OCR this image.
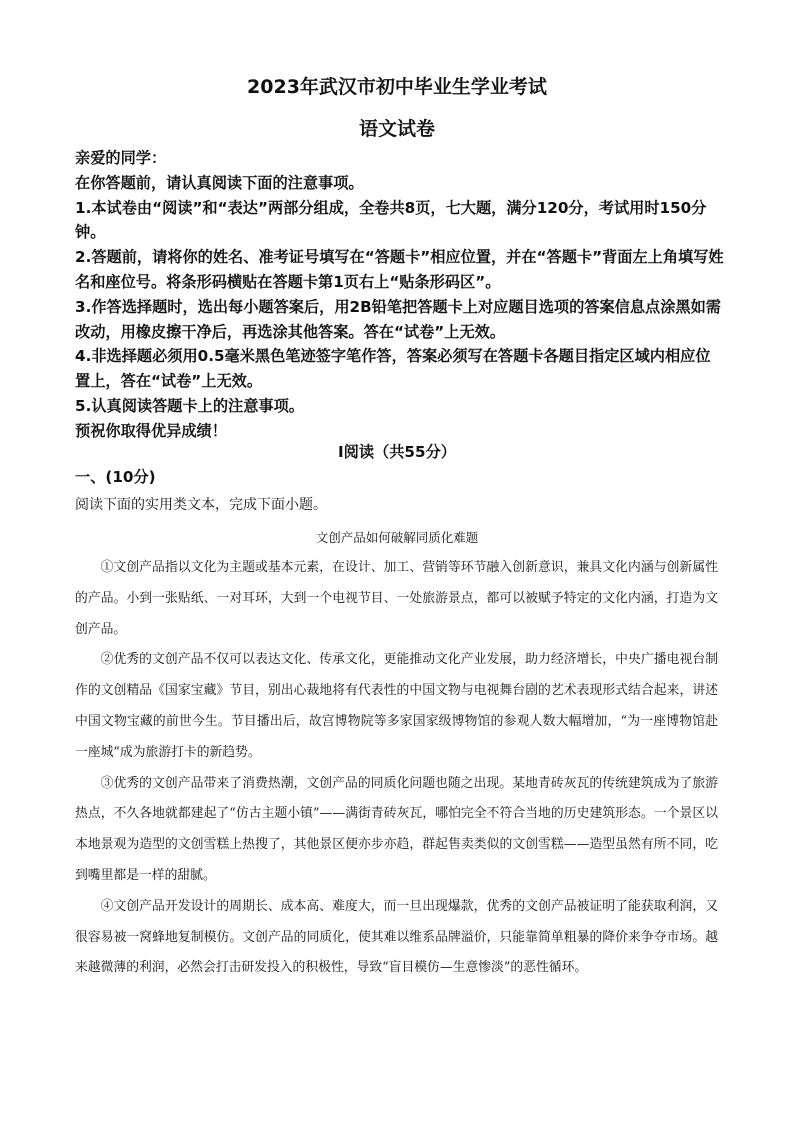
2023年武汉市初中毕业生学业考试
语文试卷

亲爱的同学：

在你答题前，请认真阅读下面的注意事项。

1.本试卷由“阅读”和“表达”两部分组成，全卷共8页，七大题，满分120分，考试用时150分钟。

2.答题前，请将你的姓名、准考证号填写在“答题卡”相应位置，并在“答题卡”背面左上角填写姓名和座位号。将条形码横贴在答题卡第1页右上“贴条形码区”。

3.作答选择题时，选出每小题答案后，用2B铅笔把答题卡上对应题目选项的答案信息点涂黑如需改动，用橡皮擦干净后，再选涂其他答案。答在“试卷”上无效。

4.非选择题必须用0.5毫米黑色笔迹签字笔作答，答案必须写在答题卡各题目指定区域内相应位置上，答在“试卷”上无效。

5.认真阅读答题卡上的注意事项。

预祝你取得优异成绩！

Ⅰ阅读（共55分）
一、(10分)
阅读下面的实用类文本，完成下面小题。
文创产品如何破解同质化难题

①文创产品指以文化为主题或基本元素，在设计、加工、营销等环节融入创新意识，兼具文化内涵与创新属性的产品。小到一张贴纸、一对耳环，大到一个电视节目、一处旅游景点，都可以被赋予特定的文化内涵，打造为文创产品。

②优秀的文创产品不仅可以表达文化、传承文化，更能推动文化产业发展，助力经济增长，中央广播电视台制作的文创精品《国家宝藏》节目，别出心裁地将有代表性的中国文物与电视舞台剧的艺术表现形式结合起来，讲述中国文物宝藏的前世今生。节目播出后，故宫博物院等多家国家级博物馆的参观人数大幅增加，“为一座博物馆赴一座城”成为旅游打卡的新趋势。

③优秀的文创产品带来了消费热潮，文创产品的同质化问题也随之出现。某地青砖灰瓦的传统建筑成为了旅游热点，不久各地就都建起了“仿古主题小镇”——满街青砖灰瓦，哪怕完全不符合当地的历史建筑形态。一个景区以本地景观为造型的文创雪糕上热搜了，其他景区便亦步亦趋，群起售卖类似的文创雪糕——造型虽然有所不同，吃到嘴里都是一样的甜腻。

④文创产品开发设计的周期长、成本高、难度大，而一旦出现爆款，优秀的文创产品被证明了能获取利润，又很容易被一窝蜂地复制模仿。文创产品的同质化，使其难以维系品牌溢价，只能靠简单粗暴的降价来争夺市场。越来越微薄的利润，必然会打击研发投入的积极性，导致“盲目模仿—生意惨淡”的恶性循环。
